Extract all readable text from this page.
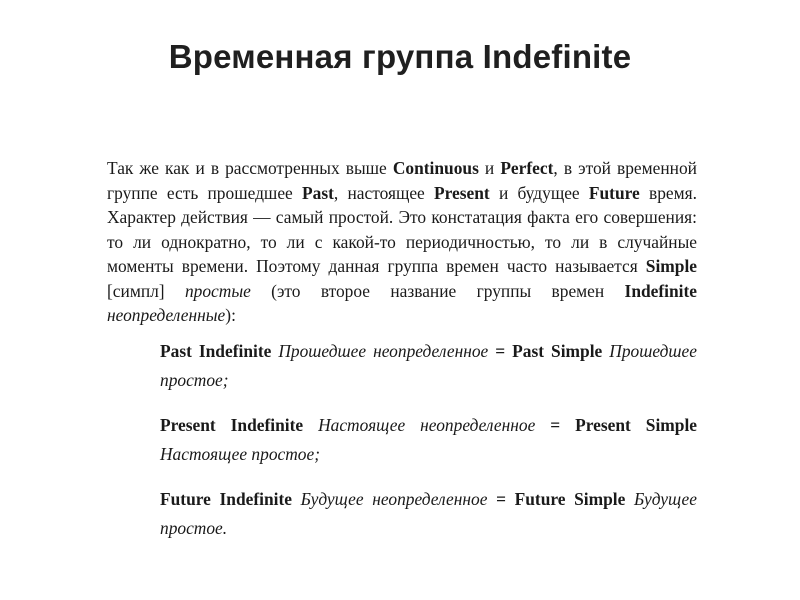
Временная группа Indefinite

Так же как и в рассмотренных выше Continuous и Perfect, в этой временной группе есть прошедшее Past, настоящее Present и будущее Future время. Характер действия — самый простой. Это констатация факта его совершения: то ли однократно, то ли с какой-то периодичностью, то ли в случайные моменты времени. Поэтому данная группа времен часто называется Simple [симпл] простые (это второе название группы времен Indefinite неопределенные):

Past Indefinite Прошедшее неопределенное = Past Simple Прошедшее простое;

Present Indefinite Настоящее неопределенное = Present Simple Настоящее простое;

Future Indefinite Будущее неопределенное = Future Simple Будущее простое.
